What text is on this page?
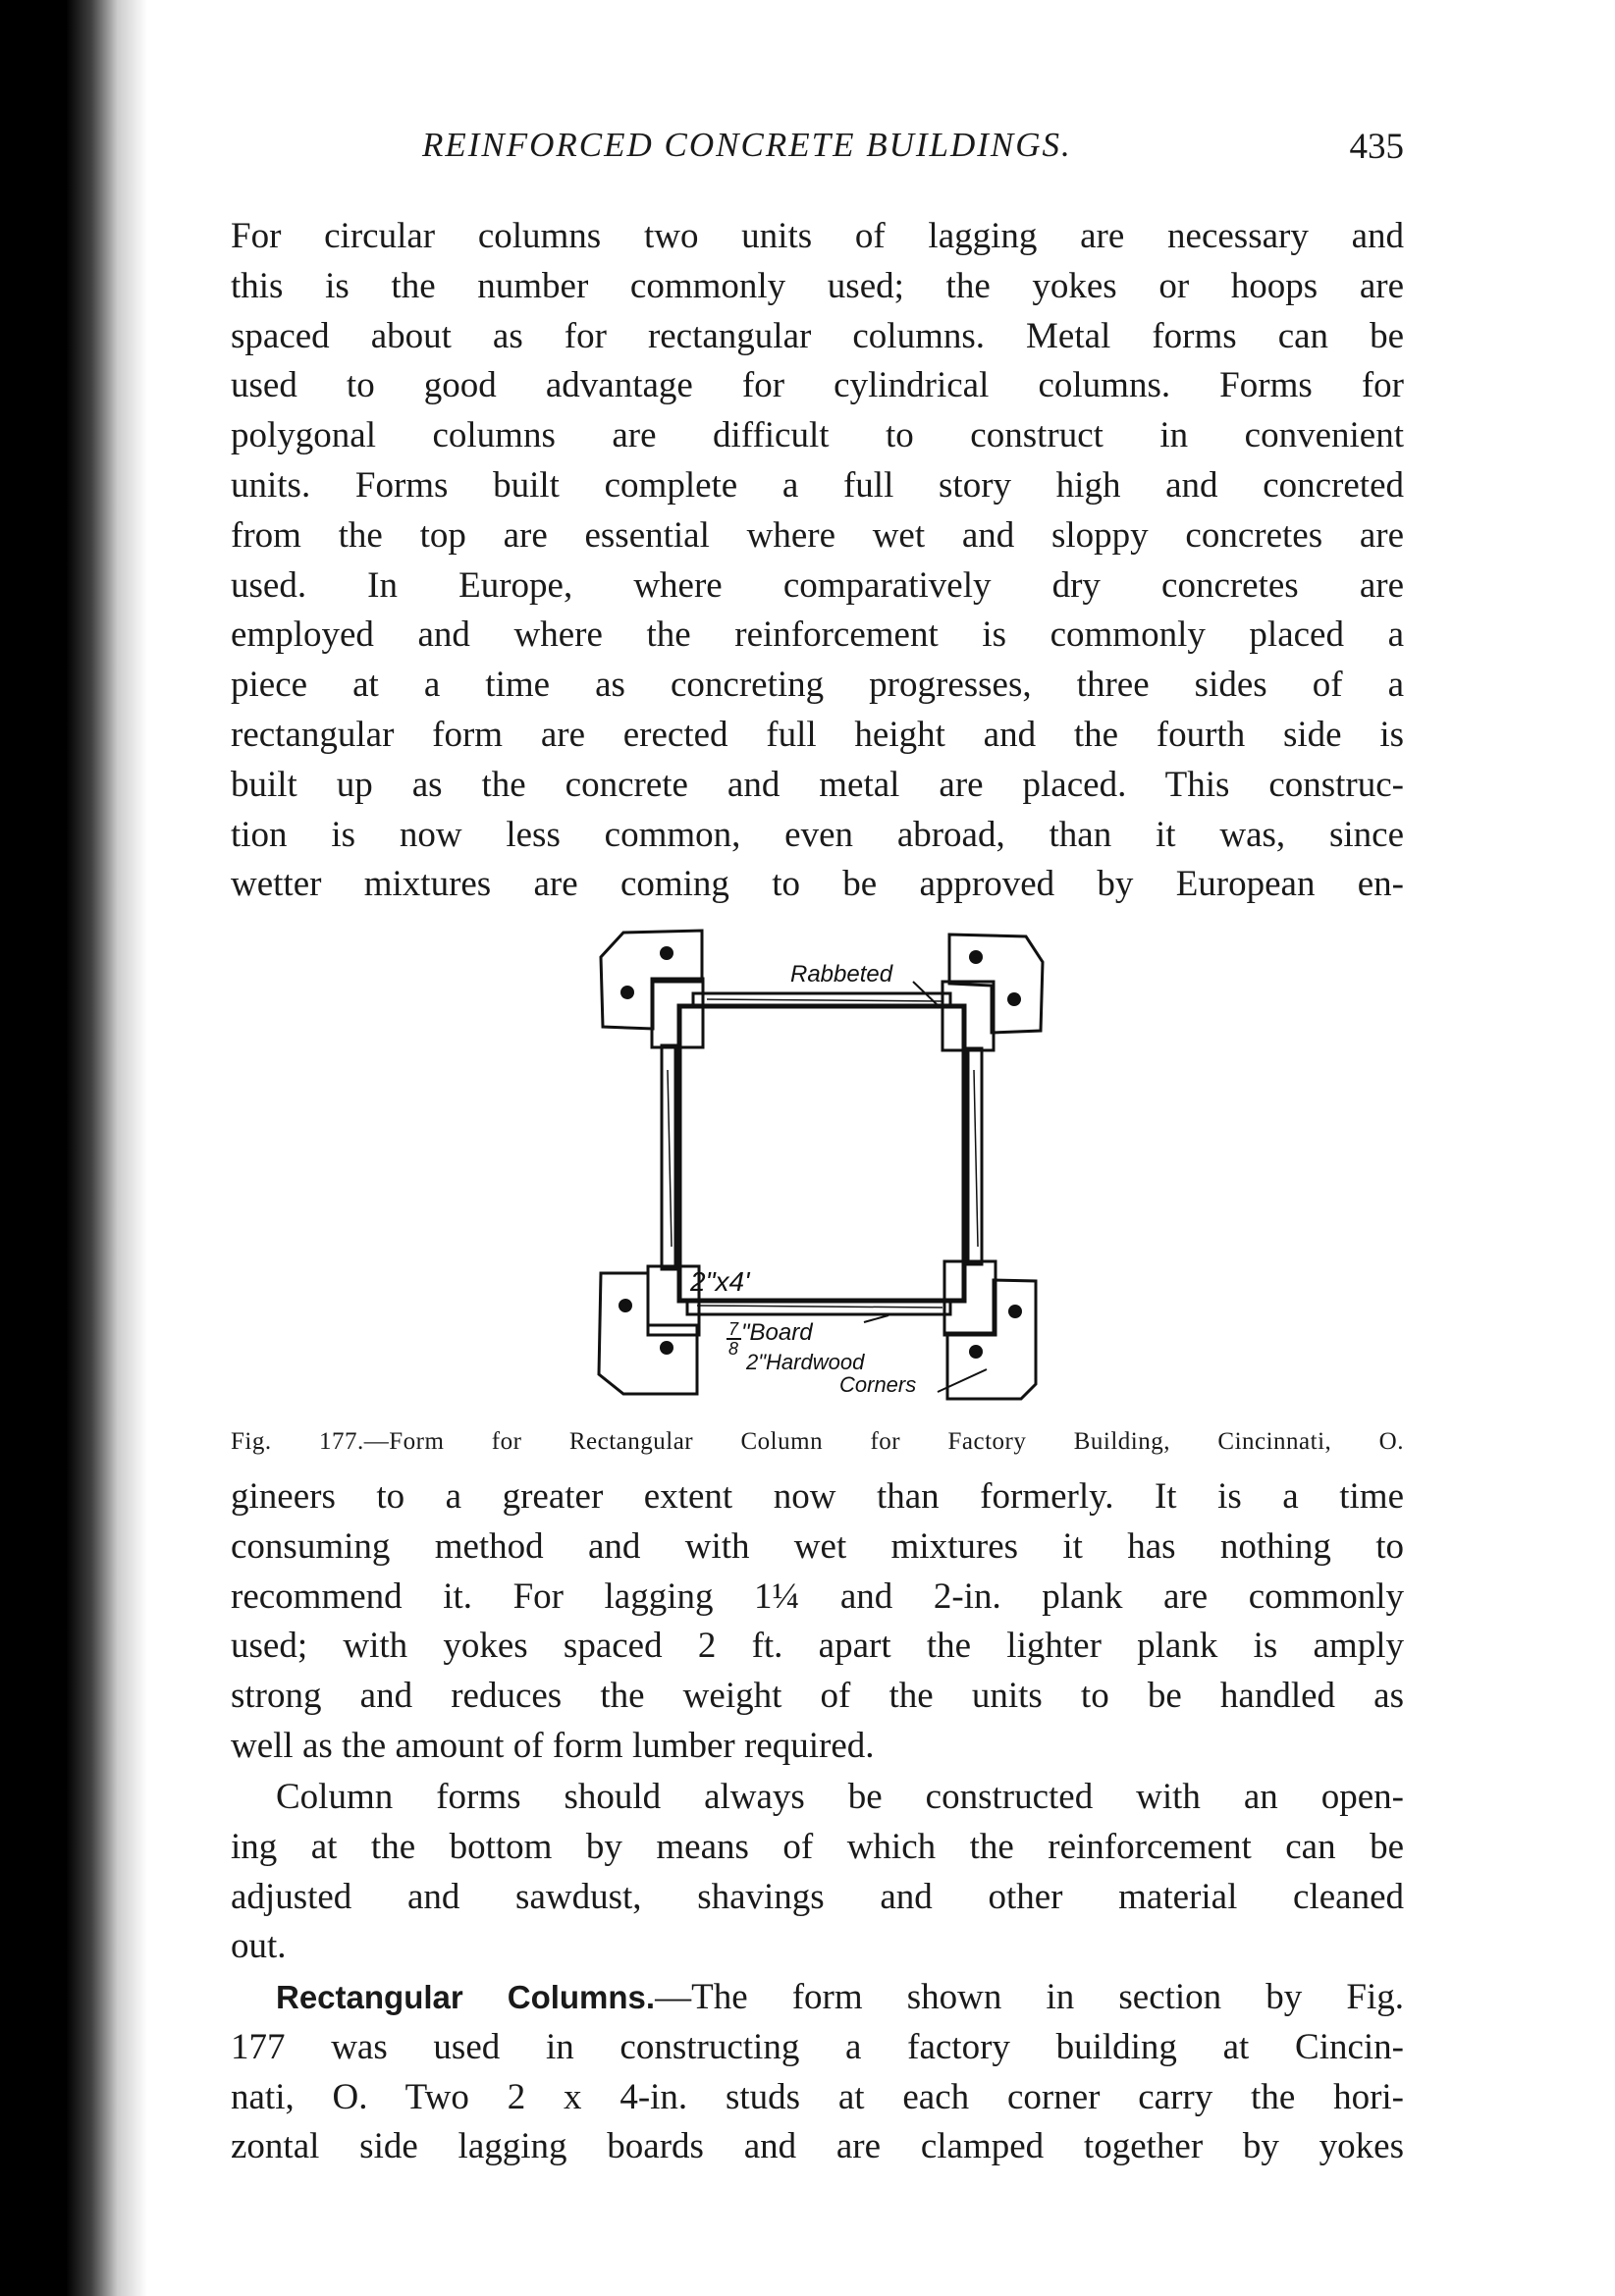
REINFORCED CONCRETE BUILDINGS.	435
For circular columns two units of lagging are necessary and
this is the number commonly used; the yokes or hoops are
spaced about as for rectangular columns. Metal forms can be
used to good advantage for cylindrical columns. Forms for
polygonal columns are difficult to construct in convenient
units. Forms built complete a full story high and concreted
from the top are essential where wet and sloppy concretes are
used. In Europe, where comparatively dry concretes are
employed and where the reinforcement is commonly placed a
piece at a time as concreting progresses, three sides of a
rectangular form are erected full height and the fourth side is
built up as the concrete and metal are placed. This construc-
tion is now less common, even abroad, than it was, since
wetter mixtures are coming to be approved by European en-
Rabbeted
2"x4'
7
8
"Board
2"Hardwood
Corners
Fig. 177.—Form for Rectangular Column for Factory Building, Cincinnati, O.
gineers to a greater extent now than formerly. It is a time
consuming method and with wet mixtures it has nothing to
recommend it. For lagging 1¼ and 2-in. plank are commonly
used; with yokes spaced 2 ft. apart the lighter plank is amply
strong and reduces the weight of the units to be handled as
well as the amount of form lumber required.
Column forms should always be constructed with an open-
ing at the bottom by means of which the reinforcement can be
adjusted and sawdust, shavings and other material cleaned
out.
Rectangular Columns.—The form shown in section by Fig.
177 was used in constructing a factory building at Cincin-
nati, O. Two 2 x 4-in. studs at each corner carry the hori-
zontal side lagging boards and are clamped together by yokes
